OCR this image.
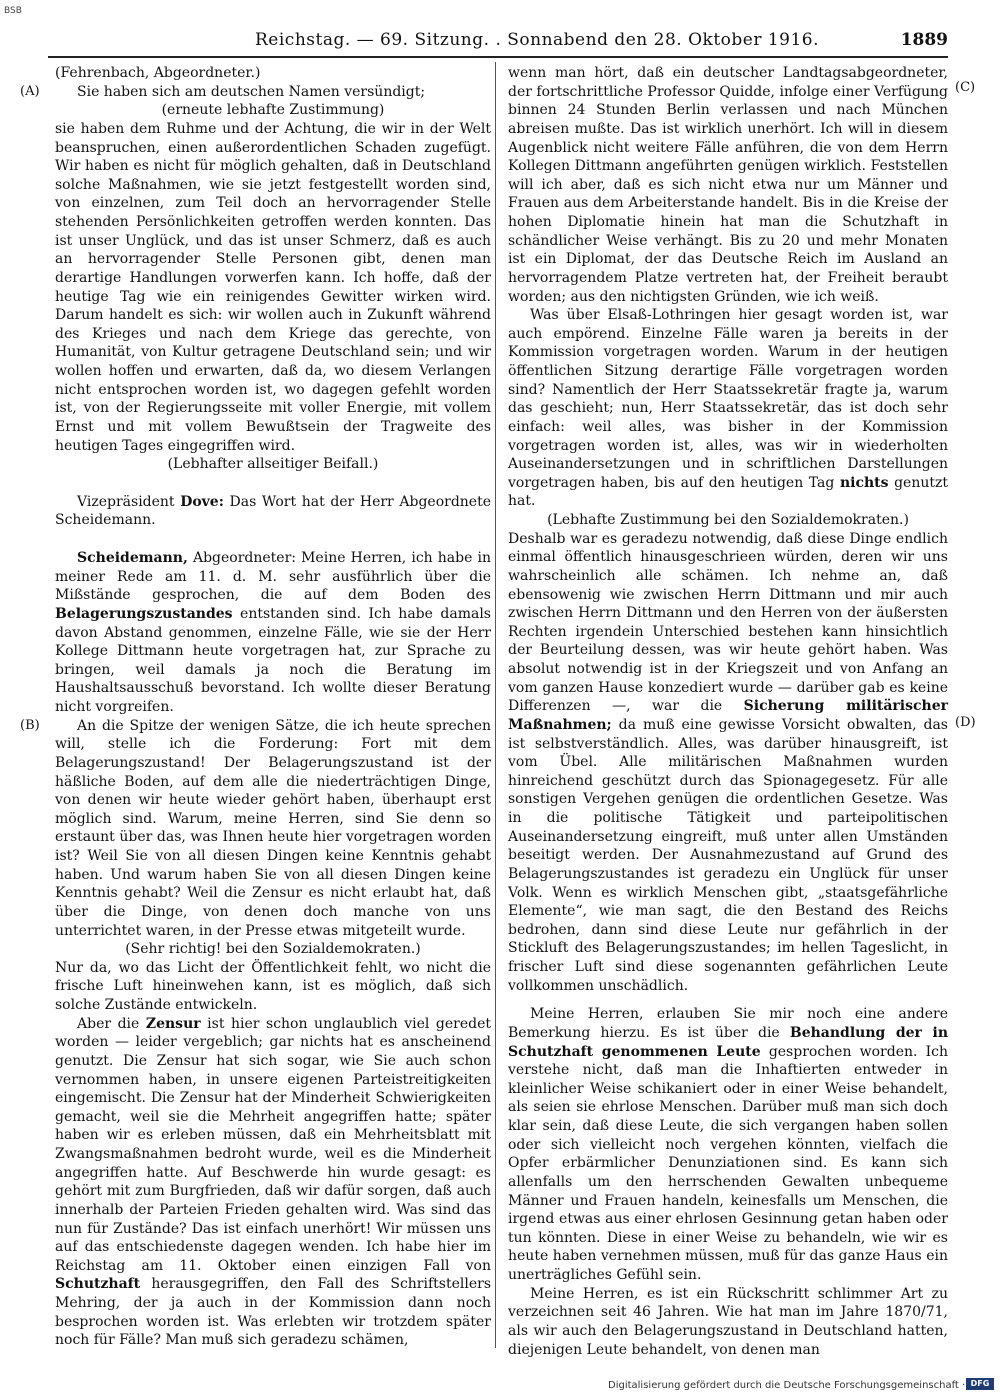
BSB
Reichstag. — 69. Sitzung. . Sonnabend den 28. Oktober 1916.	1889
(A)
(B)
(C)
(D)

(Fehrenbach, Abgeordneter.)

Sie haben sich am deutschen Namen versündigt;

(erneute lebhafte Zustimmung)

sie haben dem Ruhme und der Achtung, die wir in der Welt beanspruchen, einen außerordentlichen Schaden zugefügt. Wir haben es nicht für möglich gehalten, daß in Deutschland solche Maßnahmen, wie sie jetzt festgestellt worden sind, von einzelnen, zum Teil doch an hervorragender Stelle stehenden Persönlichkeiten getroffen werden konnten. Das ist unser Unglück, und das ist unser Schmerz, daß es auch an hervorragender Stelle Personen gibt, denen man derartige Handlungen vorwerfen kann. Ich hoffe, daß der heutige Tag wie ein reinigendes Gewitter wirken wird. Darum handelt es sich: wir wollen auch in Zukunft während des Krieges und nach dem Kriege das gerechte, von Humanität, von Kultur getragene Deutschland sein; und wir wollen hoffen und erwarten, daß da, wo diesem Verlangen nicht entsprochen worden ist, wo dagegen gefehlt worden ist, von der Regierungsseite mit voller Energie, mit vollem Ernst und mit vollem Bewußtsein der Tragweite des heutigen Tages eingegriffen wird.

(Lebhafter allseitiger Beifall.)

Vizepräsident Dove: Das Wort hat der Herr Abgeordnete Scheidemann.

Scheidemann, Abgeordneter: Meine Herren, ich habe in meiner Rede am 11. d. M. sehr ausführlich über die Mißstände gesprochen, die auf dem Boden des Belagerungszustandes entstanden sind. Ich habe damals davon Abstand genommen, einzelne Fälle, wie sie der Herr Kollege Dittmann heute vorgetragen hat, zur Sprache zu bringen, weil damals ja noch die Beratung im Haushaltsausschuß bevorstand. Ich wollte dieser Beratung nicht vorgreifen.

An die Spitze der wenigen Sätze, die ich heute sprechen will, stelle ich die Forderung: Fort mit dem Belagerungszustand! Der Belagerungszustand ist der häßliche Boden, auf dem alle die niederträchtigen Dinge, von denen wir heute wieder gehört haben, überhaupt erst möglich sind. Warum, meine Herren, sind Sie denn so erstaunt über das, was Ihnen heute hier vorgetragen worden ist? Weil Sie von all diesen Dingen keine Kenntnis gehabt haben. Und warum haben Sie von all diesen Dingen keine Kenntnis gehabt? Weil die Zensur es nicht erlaubt hat, daß über die Dinge, von denen doch manche von uns unterrichtet waren, in der Presse etwas mitgeteilt wurde.

(Sehr richtig! bei den Sozialdemokraten.)

Nur da, wo das Licht der Öffentlichkeit fehlt, wo nicht die frische Luft hineinwehen kann, ist es möglich, daß sich solche Zustände entwickeln.

Aber die Zensur ist hier schon unglaublich viel geredet worden — leider vergeblich; gar nichts hat es anscheinend genutzt. Die Zensur hat sich sogar, wie Sie auch schon vernommen haben, in unsere eigenen Parteistreitigkeiten eingemischt. Die Zensur hat der Minderheit Schwierigkeiten gemacht, weil sie die Mehrheit angegriffen hatte; später haben wir es erleben müssen, daß ein Mehrheitsblatt mit Zwangsmaßnahmen bedroht wurde, weil es die Minderheit angegriffen hatte. Auf Beschwerde hin wurde gesagt: es gehört mit zum Burgfrieden, daß wir dafür sorgen, daß auch innerhalb der Parteien Frieden gehalten wird. Was sind das nun für Zustände? Das ist einfach unerhört! Wir müssen uns auf das entschiedenste dagegen wenden. Ich habe hier im Reichstag am 11. Oktober einen einzigen Fall von Schutzhaft herausgegriffen, den Fall des Schriftstellers Mehring, der ja auch in der Kommission dann noch besprochen worden ist. Was erlebten wir trotzdem später noch für Fälle? Man muß sich geradezu schämen,

wenn man hört, daß ein deutscher Landtagsabgeordneter, der fortschrittliche Professor Quidde, infolge einer Verfügung binnen 24 Stunden Berlin verlassen und nach München abreisen mußte. Das ist wirklich unerhört. Ich will in diesem Augenblick nicht weitere Fälle anführen, die von dem Herrn Kollegen Dittmann angeführten genügen wirklich. Feststellen will ich aber, daß es sich nicht etwa nur um Männer und Frauen aus dem Arbeiterstande handelt. Bis in die Kreise der hohen Diplomatie hinein hat man die Schutzhaft in schändlicher Weise verhängt. Bis zu 20 und mehr Monaten ist ein Diplomat, der das Deutsche Reich im Ausland an hervorragendem Platze vertreten hat, der Freiheit beraubt worden; aus den nichtigsten Gründen, wie ich weiß.

Was über Elsaß-Lothringen hier gesagt worden ist, war auch empörend. Einzelne Fälle waren ja bereits in der Kommission vorgetragen worden. Warum in der heutigen öffentlichen Sitzung derartige Fälle vorgetragen worden sind? Namentlich der Herr Staatssekretär fragte ja, warum das geschieht; nun, Herr Staatssekretär, das ist doch sehr einfach: weil alles, was bisher in der Kommission vorgetragen worden ist, alles, was wir in wiederholten Auseinandersetzungen und in schriftlichen Darstellungen vorgetragen haben, bis auf den heutigen Tag nichts genutzt hat.

(Lebhafte Zustimmung bei den Sozialdemokraten.)

Deshalb war es geradezu notwendig, daß diese Dinge endlich einmal öffentlich hinausgeschrieen würden, deren wir uns wahrscheinlich alle schämen. Ich nehme an, daß ebensowenig wie zwischen Herrn Dittmann und mir auch zwischen Herrn Dittmann und den Herren von der äußersten Rechten irgendein Unterschied bestehen kann hinsichtlich der Beurteilung dessen, was wir heute gehört haben. Was absolut notwendig ist in der Kriegszeit und von Anfang an vom ganzen Hause konzediert wurde — darüber gab es keine Differenzen —, war die Sicherung militärischer Maßnahmen; da muß eine gewisse Vorsicht obwalten, das ist selbstverständlich. Alles, was darüber hinausgreift, ist vom Übel. Alle militärischen Maßnahmen wurden hinreichend geschützt durch das Spionagegesetz. Für alle sonstigen Vergehen genügen die ordentlichen Gesetze. Was in die politische Tätigkeit und parteipolitischen Auseinandersetzung eingreift, muß unter allen Umständen beseitigt werden. Der Ausnahmezustand auf Grund des Belagerungszustandes ist geradezu ein Unglück für unser Volk. Wenn es wirklich Menschen gibt, „staatsgefährliche Elemente“, wie man sagt, die den Bestand des Reichs bedrohen, dann sind diese Leute nur gefährlich in der Stickluft des Belagerungszustandes; im hellen Tageslicht, in frischer Luft sind diese sogenannten gefährlichen Leute vollkommen unschädlich.

Meine Herren, erlauben Sie mir noch eine andere Bemerkung hierzu. Es ist über die Behandlung der in Schutzhaft genommenen Leute gesprochen worden. Ich verstehe nicht, daß man die Inhaftierten entweder in kleinlicher Weise schikaniert oder in einer Weise behandelt, als seien sie ehrlose Menschen. Darüber muß man sich doch klar sein, daß diese Leute, die sich vergangen haben sollen oder sich vielleicht noch vergehen könnten, vielfach die Opfer erbärmlicher Denunziationen sind. Es kann sich allenfalls um den herrschenden Gewalten unbequeme Männer und Frauen handeln, keinesfalls um Menschen, die irgend etwas aus einer ehrlosen Gesinnung getan haben oder tun könnten. Diese in einer Weise zu behandeln, wie wir es heute haben vernehmen müssen, muß für das ganze Haus ein unerträgliches Gefühl sein.

Meine Herren, es ist ein Rückschritt schlimmer Art zu verzeichnen seit 46 Jahren. Wie hat man im Jahre 1870/71, als wir auch den Belagerungszustand in Deutschland hatten, diejenigen Leute behandelt, von denen man

Digitalisierung gefördert durch die Deutsche Forschungsgemeinschaft · DFG
